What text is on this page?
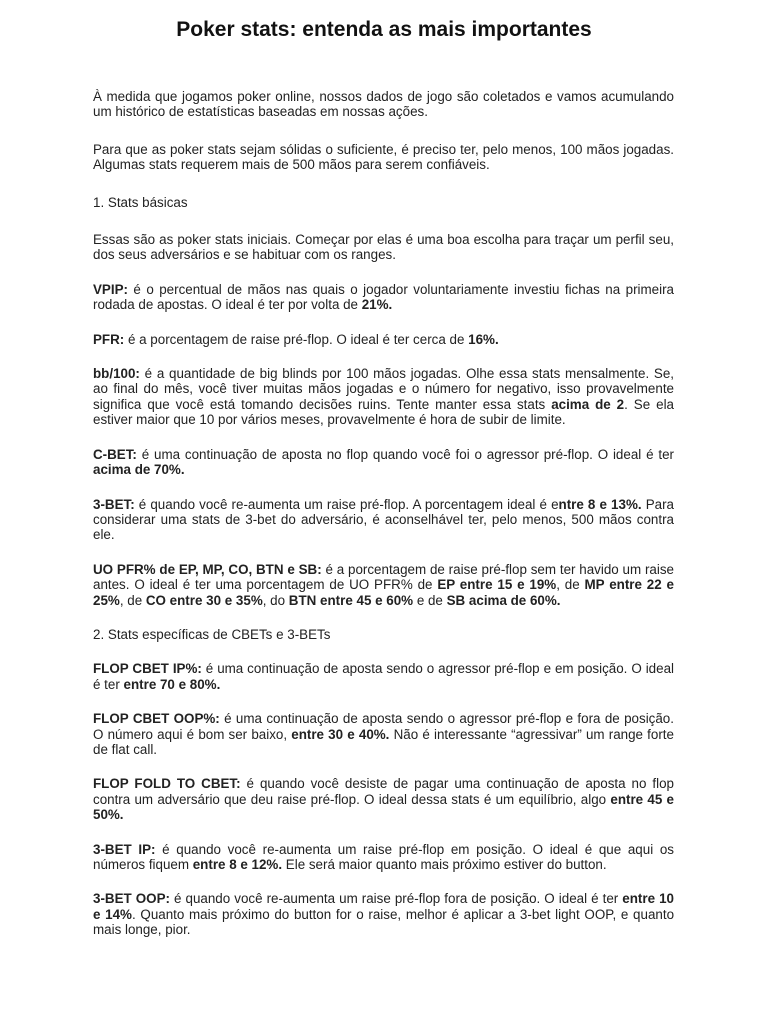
Poker stats: entenda as mais importantes

À medida que jogamos poker online, nossos dados de jogo são coletados e vamos acumulando um histórico de estatísticas baseadas em nossas ações.

Para que as poker stats sejam sólidas o suficiente, é preciso ter, pelo menos, 100 mãos jogadas. Algumas stats requerem mais de 500 mãos para serem confiáveis.

1. Stats básicas

Essas são as poker stats iniciais. Começar por elas é uma boa escolha para traçar um perfil seu, dos seus adversários e se habituar com os ranges.

VPIP: é o percentual de mãos nas quais o jogador voluntariamente investiu fichas na primeira rodada de apostas. O ideal é ter por volta de 21%.

PFR: é a porcentagem de raise pré-flop. O ideal é ter cerca de 16%.

bb/100: é a quantidade de big blinds por 100 mãos jogadas. Olhe essa stats mensalmente. Se, ao final do mês, você tiver muitas mãos jogadas e o número for negativo, isso provavelmente significa que você está tomando decisões ruins. Tente manter essa stats acima de 2. Se ela estiver maior que 10 por vários meses, provavelmente é hora de subir de limite.

C-BET: é uma continuação de aposta no flop quando você foi o agressor pré-flop. O ideal é ter acima de 70%.

3-BET: é quando você re-aumenta um raise pré-flop. A porcentagem ideal é entre 8 e 13%. Para considerar uma stats de 3-bet do adversário, é aconselhável ter, pelo menos, 500 mãos contra ele.

UO PFR% de EP, MP, CO, BTN e SB: é a porcentagem de raise pré-flop sem ter havido um raise antes. O ideal é ter uma porcentagem de UO PFR% de EP entre 15 e 19%, de MP entre 22 e 25%, de CO entre 30 e 35%, do BTN entre 45 e 60% e de SB acima de 60%.

2. Stats específicas de CBETs e 3-BETs

FLOP CBET IP%: é uma continuação de aposta sendo o agressor pré-flop e em posição. O ideal é ter entre 70 e 80%.

FLOP CBET OOP%: é uma continuação de aposta sendo o agressor pré-flop e fora de posição. O número aqui é bom ser baixo, entre 30 e 40%. Não é interessante “agressivar” um range forte de flat call.

FLOP FOLD TO CBET: é quando você desiste de pagar uma continuação de aposta no flop contra um adversário que deu raise pré-flop. O ideal dessa stats é um equilíbrio, algo entre 45 e 50%.

3-BET IP: é quando você re-aumenta um raise pré-flop em posição. O ideal é que aqui os números fiquem entre 8 e 12%. Ele será maior quanto mais próximo estiver do button.

3-BET OOP: é quando você re-aumenta um raise pré-flop fora de posição. O ideal é ter entre 10 e 14%. Quanto mais próximo do button for o raise, melhor é aplicar a 3-bet light OOP, e quanto mais longe, pior.
